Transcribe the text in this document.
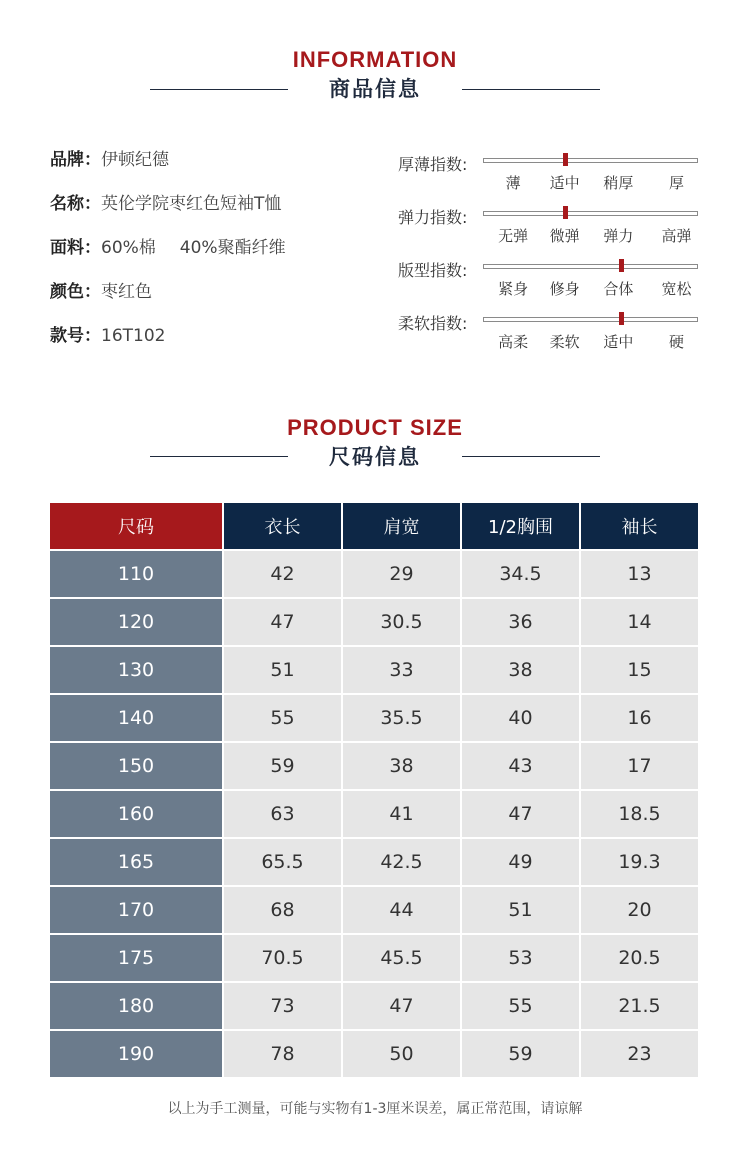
INFORMATION
商品信息
品牌：伊顿纪德
名称：英伦学院枣红色短袖T恤
面料：60%棉 40%聚酯纤维
颜色：枣红色
款号：16T102
厚薄指数:
薄 适中 稍厚 厚
弹力指数:
无弹 微弹 弹力 高弹
版型指数:
紧身 修身 合体 宽松
柔软指数:
高柔 柔软 适中 硬
PRODUCT SIZE
尺码信息
尺码	衣长	肩宽	1/2胸围	袖长
110	42	29	34.5	13
120	47	30.5	36	14
130	51	33	38	15
140	55	35.5	40	16
150	59	38	43	17
160	63	41	47	18.5
165	65.5	42.5	49	19.3
170	68	44	51	20
175	70.5	45.5	53	20.5
180	73	47	55	21.5
190	78	50	59	23
以上为手工测量，可能与实物有1-3厘米误差，属正常范围，请谅解
